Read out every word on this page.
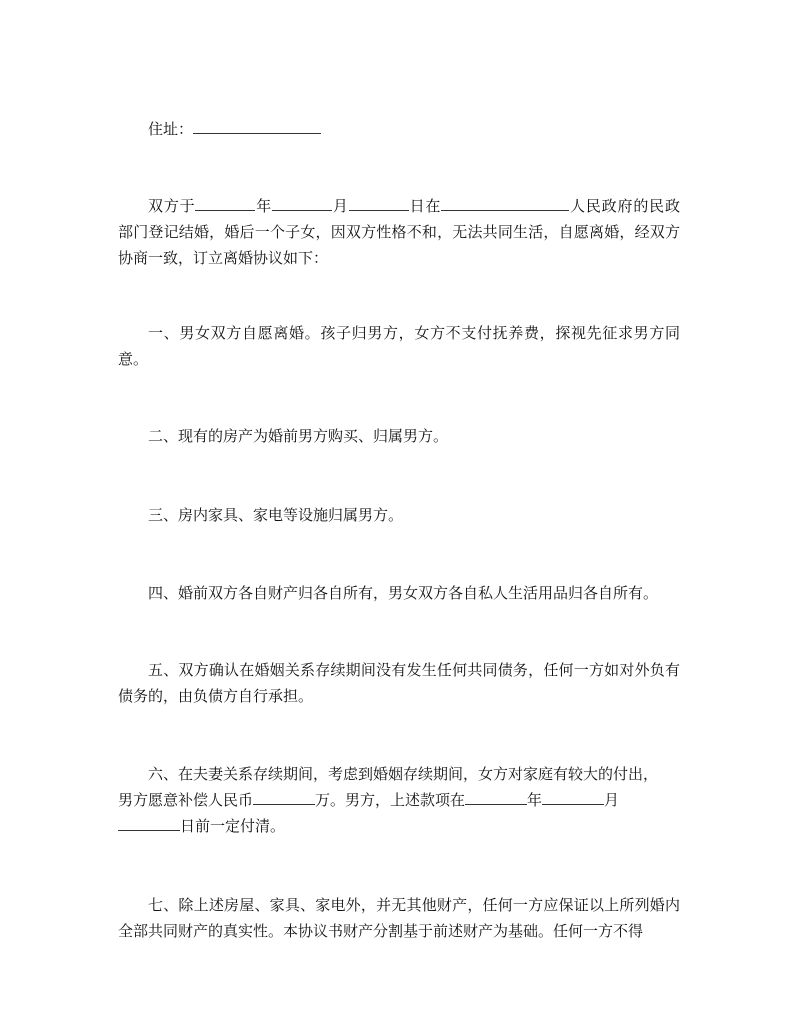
住址：

双方于	年	月	日在	人民政府的民政部门登记结婚，婚后一个子女，因双方性格不和，无法共同生活，自愿离婚，经双方协商一致，订立离婚协议如下：

一、男女双方自愿离婚。孩子归男方，女方不支付抚养费，探视先征求男方同意。

二、现有的房产为婚前男方购买、归属男方。

三、房内家具、家电等设施归属男方。

四、婚前双方各自财产归各自所有，男女双方各自私人生活用品归各自所有。

五、双方确认在婚姻关系存续期间没有发生任何共同债务，任何一方如对外负有债务的，由负债方自行承担。

六、在夫妻关系存续期间，考虑到婚姻存续期间，女方对家庭有较大的付出，
男方愿意补偿人民币	万。男方，上述款项在	年	月
日前一定付清。

七、除上述房屋、家具、家电外，并无其他财产，任何一方应保证以上所列婚内全部共同财产的真实性。本协议书财产分割基于前述财产为基础。任何一方不得
